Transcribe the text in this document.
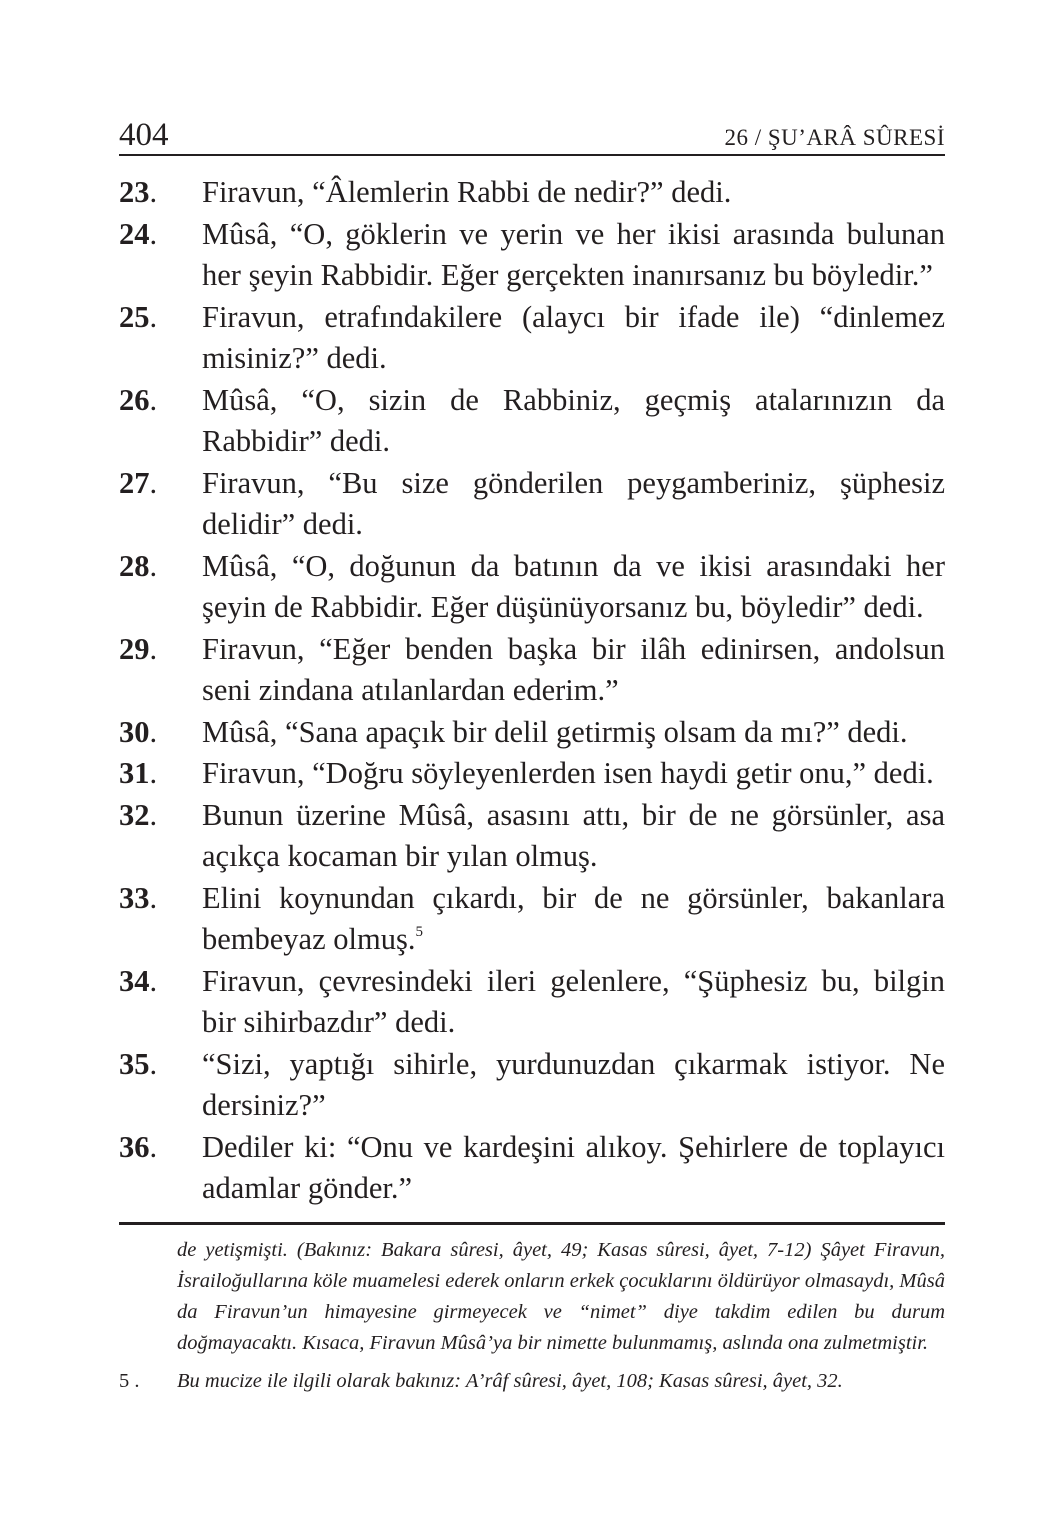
404	26 / ŞU’ARÂ SÛRESİ
23.	Firavun, “Âlemlerin Rabbi de nedir?” dedi.
24.	Mûsâ, “O, göklerin ve yerin ve her ikisi arasında bulunan her şeyin Rabbidir. Eğer gerçekten inanırsanız bu böyledir.”
25.	Firavun, etrafındakilere (alaycı bir ifade ile) “dinlemez misiniz?” dedi.
26.	Mûsâ, “O, sizin de Rabbiniz, geçmiş atalarınızın da Rabbidir” dedi.
27.	Firavun, “Bu size gönderilen peygamberiniz, şüphesiz delidir” dedi.
28.	Mûsâ, “O, doğunun da batının da ve ikisi arasındaki her şeyin de Rabbidir. Eğer düşünüyorsanız bu, böyledir” dedi.
29.	Firavun, “Eğer benden başka bir ilâh edinirsen, andolsun seni zindana atılanlardan ederim.”
30.	Mûsâ, “Sana apaçık bir delil getirmiş olsam da mı?” dedi.
31.	Firavun, “Doğru söyleyenlerden isen haydi getir onu,” dedi.
32.	Bunun üzerine Mûsâ, asasını attı, bir de ne görsünler, asa açıkça kocaman bir yılan olmuş.
33.	Elini koynundan çıkardı, bir de ne görsünler, bakanlara bembeyaz olmuş.$^5$
34.	Firavun, çevresindeki ileri gelenlere, “Şüphesiz bu, bilgin bir sihirbazdır” dedi.
35.	“Sizi, yaptığı sihirle, yurdunuzdan çıkarmak istiyor. Ne dersiniz?”
36.	Dediler ki: “Onu ve kardeşini alıkoy. Şehirlere de toplayıcı adamlar gönder.”
de yetişmişti. (Bakınız: Bakara sûresi, âyet, 49; Kasas sûresi, âyet, 7-12) Şâyet Firavun, İsrailoğullarına köle muamelesi ederek onların erkek çocuklarını öldürüyor olmasaydı, Mûsâ da Firavun’un himayesine girmeyecek ve “nimet” diye takdim edilen bu durum doğmayacaktı. Kısaca, Firavun Mûsâ’ya bir nimette bulunmamış, aslında ona zulmetmiştir.
5 .	Bu mucize ile ilgili olarak bakınız: A’râf sûresi, âyet, 108; Kasas sûresi, âyet, 32.
